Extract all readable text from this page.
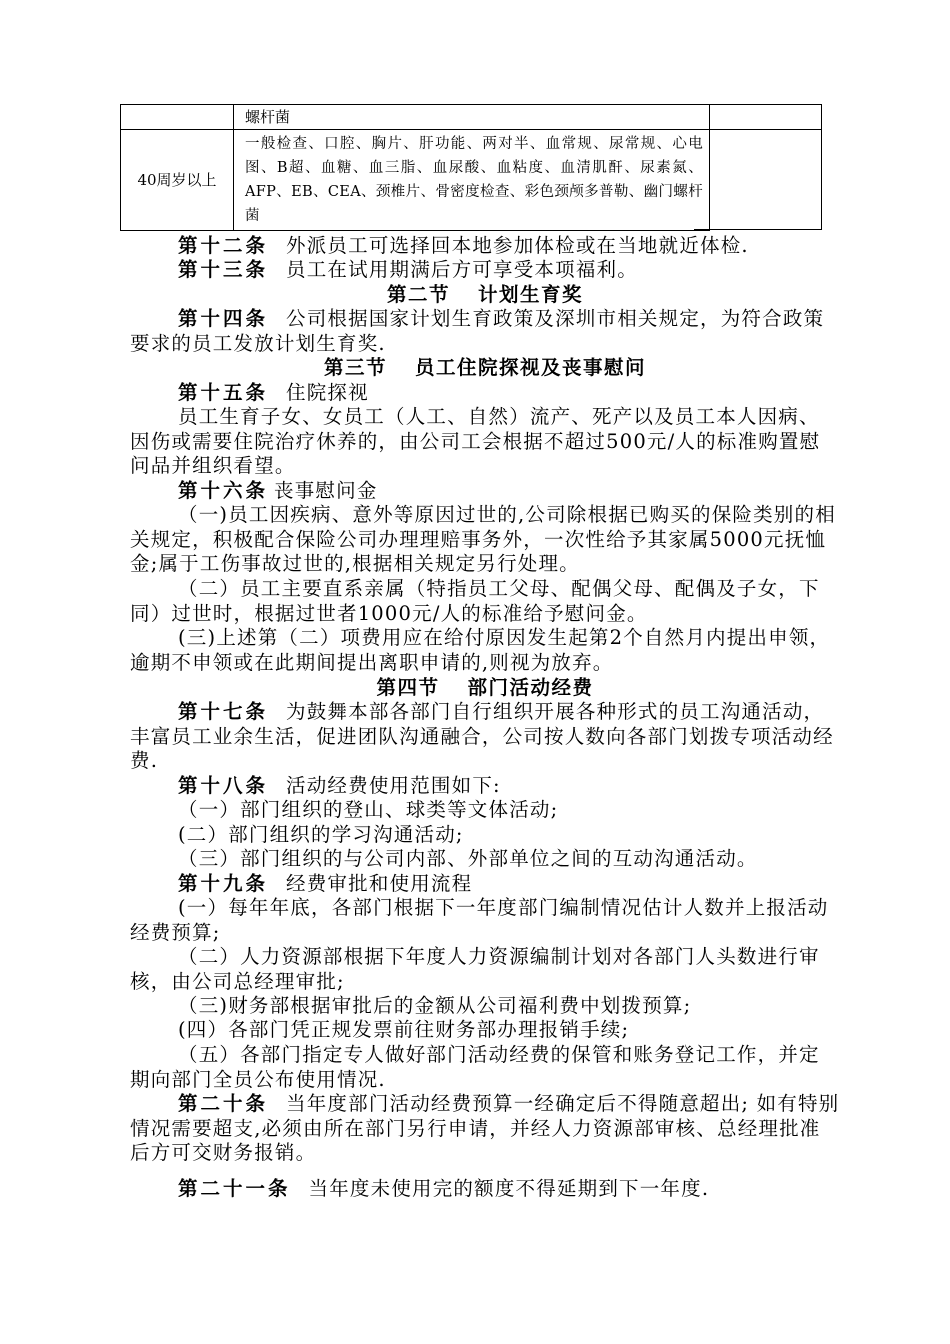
	螺杆菌
40周岁以上	一般检查、口腔、胸片、肝功能、两对半、血常规、尿常规、心电图、B超、血糖、血三脂、血尿酸、血粘度、血清肌酐、尿素氮、AFP、EB、CEA、颈椎片、骨密度检查、彩色颈颅多普勒、幽门螺杆菌
第十二条 外派员工可选择回本地参加体检或在当地就近体检.
第十三条 员工在试用期满后方可享受本项福利。
第二节 计划生育奖
第十四条 公司根据国家计划生育政策及深圳市相关规定，为符合政策要求的员工发放计划生育奖.
第三节 员工住院探视及丧事慰问
第十五条 住院探视
员工生育子女、女员工（人工、自然）流产、死产以及员工本人因病、因伤或需要住院治疗休养的，由公司工会根据不超过500元/人的标准购置慰问品并组织看望。
第十六条 丧事慰问金
（一)员工因疾病、意外等原因过世的,公司除根据已购买的保险类别的相关规定，积极配合保险公司办理理赔事务外，一次性给予其家属5000元抚恤金;属于工伤事故过世的,根据相关规定另行处理。
（二）员工主要直系亲属（特指员工父母、配偶父母、配偶及子女，下同）过世时，根据过世者1000元/人的标准给予慰问金。
(三)上述第（二）项费用应在给付原因发生起第2个自然月内提出申领，逾期不申领或在此期间提出离职申请的,则视为放弃。
第四节 部门活动经费
第十七条 为鼓舞本部各部门自行组织开展各种形式的员工沟通活动，丰富员工业余生活，促进团队沟通融合，公司按人数向各部门划拨专项活动经费.
第十八条 活动经费使用范围如下:
（一）部门组织的登山、球类等文体活动;
(二）部门组织的学习沟通活动;
（三）部门组织的与公司内部、外部单位之间的互动沟通活动。
第十九条 经费审批和使用流程
(一）每年年底，各部门根据下一年度部门编制情况估计人数并上报活动经费预算;
（二）人力资源部根据下年度人力资源编制计划对各部门人头数进行审核，由公司总经理审批;
（三)财务部根据审批后的金额从公司福利费中划拨预算;
(四）各部门凭正规发票前往财务部办理报销手续;
（五）各部门指定专人做好部门活动经费的保管和账务登记工作，并定期向部门全员公布使用情况.
第二十条 当年度部门活动经费预算一经确定后不得随意超出; 如有特别情况需要超支,必须由所在部门另行申请，并经人力资源部审核、总经理批准后方可交财务报销。
第二十一条 当年度未使用完的额度不得延期到下一年度.
